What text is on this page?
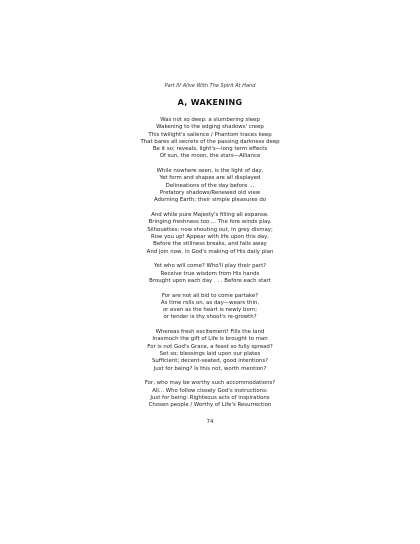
Part IV Alive With The Spirit At Hand
A, WAKENING
Was not so deep: a slumbering sleep
Wakening to the edging shadows' creep
This twilight's salience / Phantom traces keep
That bares all secrets of the passing darkness deep
Be it so; reveals, light's—long term effects
Of sun, the moon, the stars—Alliance
While nowhere seen, is the light of day,
Yet form and shapes are all displayed
Delineations of the day before ...
Prefatory shadows/Renewed old view
Adorning Earth; their simple pleasures do
And while pure Majesty's filling all expanse.
Bringing freshness too ... The fore winds play.
Silhouettes; now shouting out, in grey dismay;
Rise you up! Appear with life upon this day,
Before the stillness breaks, and falls away
And join now, in God's making of His daily plan
Yet who will come? Who'll play their part?
Receive true wisdom from His hands
Brought upon each day . . . Before each start
For are not all bid to come partake?
As time rolls on, as day—wears thin,
or even as the heart is newly born;
or tender is thy shoot's re-growth?
Whereas fresh excitement! Fills the land
Inasmuch the gift of Life is brought to man
For is not God's Grace, a feast so fully spread?
Set so; blessings laid upon our plates
Sufficient; decent-seated, good intentions?
Just for being? Is this not, worth mention?
For, who may be worthy such accommodations?
All... Who follow closely God's instructions:
Just for being: Righteous acts of inspirations
Chosen people / Worthy of Life's Resurrection
74
